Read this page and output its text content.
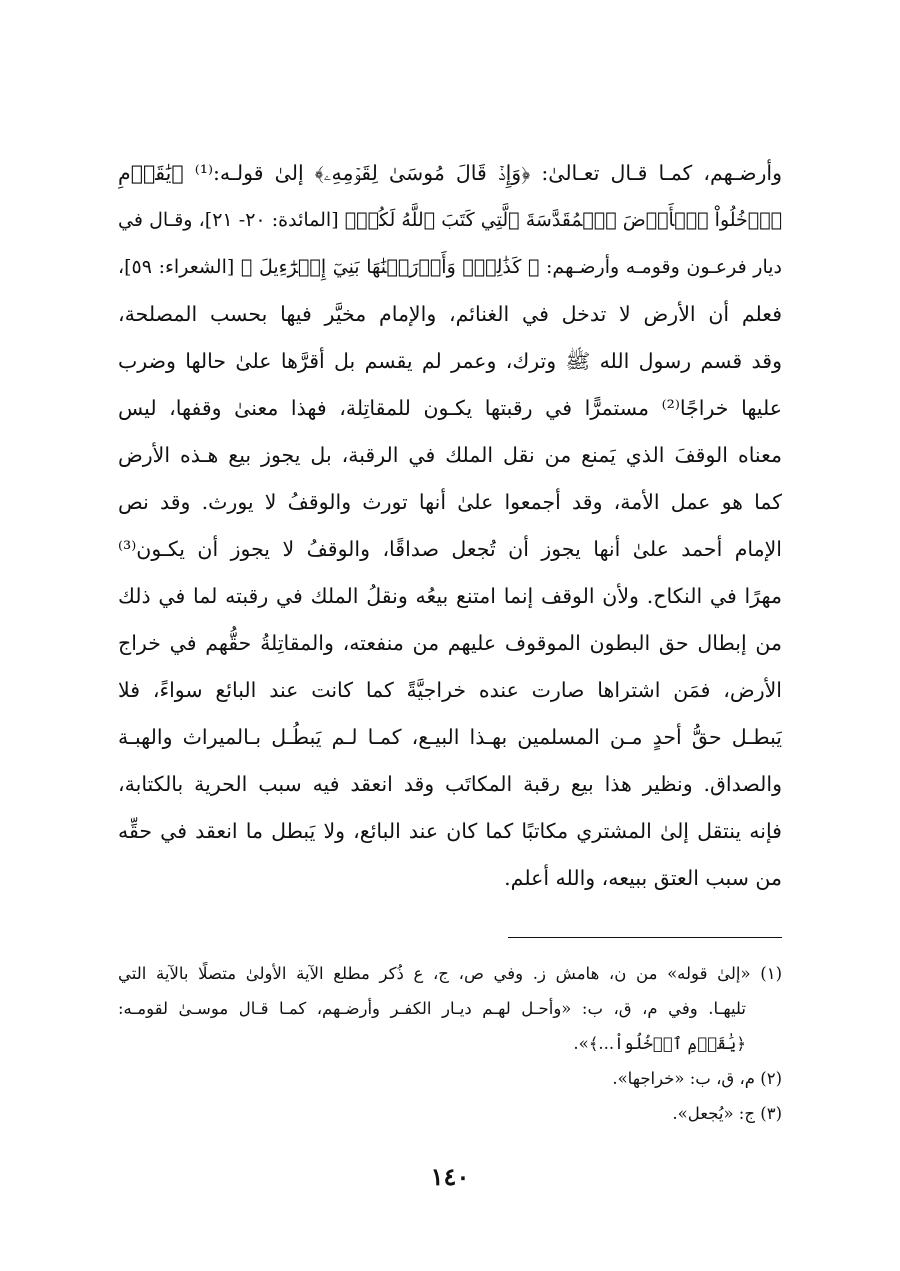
وأرضـهم، كمـا قـال تعـالىٰ: ﴿وَإِذۡ قَالَ مُوسَىٰ لِقَوۡمِهِۦ﴾ إلىٰ قولـه:⁽¹⁾ ﴿يَٰقَوۡمِ
ٱدۡخُلُواْ ٱلۡأَرۡضَ ٱلۡمُقَدَّسَةَ ٱلَّتِي كَتَبَ ٱللَّهُ لَكُمۡ﴾ [المائدة: ٢٠- ٢١]، وقـال في
ديار فرعـون وقومـه وأرضـهم: ﴿ كَذَٰلِكَۖ وَأَوۡرَثۡنَٰهَا بَنِيٓ إِسۡرَٰٓءِيلَ ﴾ [الشعراء: ٥٩]،
فعلم أن الأرض لا تدخل في الغنائم، والإمام مخيَّر فيها بحسب المصلحة،
وقد قسم رسول الله ﷺ وترك، وعمر لم يقسم بل أقرَّها علىٰ حالها وضرب
عليها خراجًا⁽²⁾ مستمرًّا في رقبتها يكـون للمقاتِلة، فهذا معنىٰ وقفها، ليس
معناه الوقفَ الذي يَمنع من نقل الملك في الرقبة، بل يجوز بيع هـذه الأرض
كما هو عمل الأمة، وقد أجمعوا علىٰ أنها تورث والوقفُ لا يورث. وقد نص
الإمام أحمد علىٰ أنها يجوز أن تُجعل صداقًا، والوقفُ لا يجوز أن يكـون⁽³⁾
مهرًا في النكاح. ولأن الوقف إنما امتنع بيعُه ونقلُ الملك في رقبته لما في ذلك
من إبطال حق البطون الموقوف عليهم من منفعته، والمقاتِلةُ حقُّهم في خراج
الأرض، فمَن اشتراها صارت عنده خراجيَّةً كما كانت عند البائع سواءً، فلا
يَبطـل حقُّ أحدٍ مـن المسلمين بهـذا البيـع، كمـا لـم يَبطُـل بـالميراث والهبـة
والصداق. ونظير هذا بيع رقبة المكاتَب وقد انعقد فيه سبب الحرية بالكتابة،
فإنه ينتقل إلىٰ المشتري مكاتبًا كما كان عند البائع، ولا يَبطل ما انعقد في حقِّه
من سبب العتق ببيعه، والله أعلم.
(١) «إلىٰ قوله» من ن، هامش ز. وفي ص، ج، ع ذُكر مطلع الآية الأولىٰ متصلًا بالآية التي
تليهـا. وفي م، ق، ب: «وأحـل لهـم ديـار الكفـر وأرضـهم، كمـا قـال موسـىٰ لقومـه:
﴿يَٰقَوۡمِ ٱدۡخُلُواْ...﴾».
(٢) م، ق، ب: «خراجها».
(٣) ج: «يُجعل».
١٤٠
